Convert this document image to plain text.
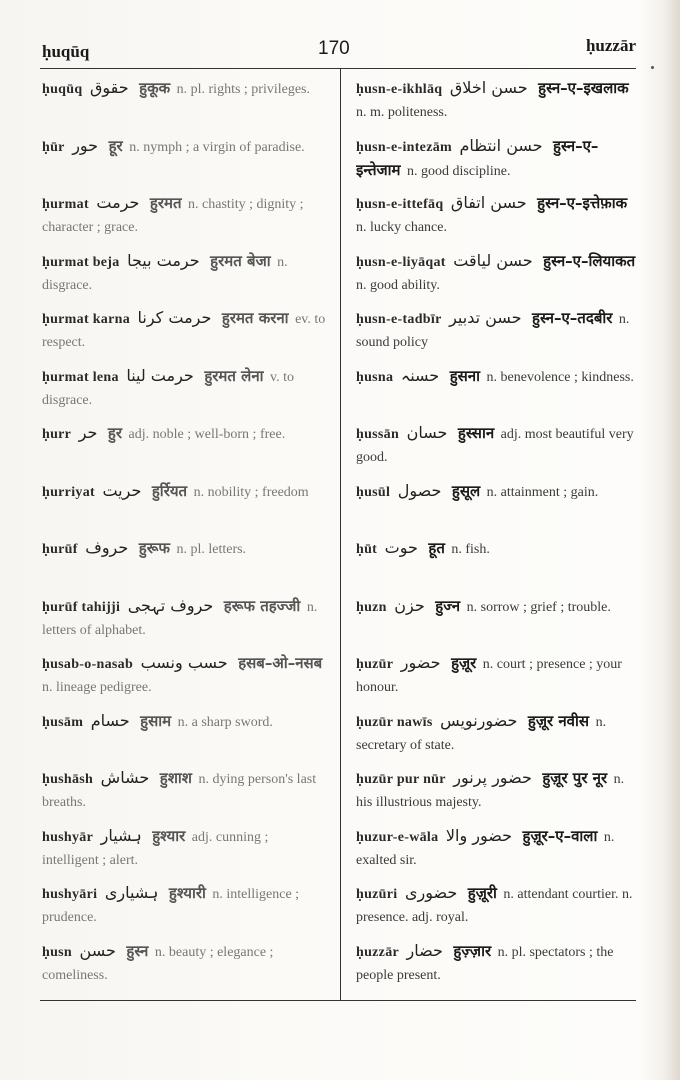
ḥuqūq	170	ḥuzzār
ḥuqūq حقوق हुकूक n. pl. rights ; privileges.
ḥūr حور हूर n. nymph ; a virgin of paradise.
ḥurmat حرمت हुरमत n. chastity ; dignity ; character ; grace.
ḥurmat beja حرمت بیجا हुरमत बेजा n. disgrace.
ḥurmat karna حرمت کرنا हुरमत करना ev. to respect.
ḥurmat lena حرمت لینا हुरमत लेना v. to disgrace.
ḥurr حر हुर adj. noble ; well-born ; free.
ḥurriyat حریت हुर्रियत n. nobility ; freedom
ḥurūf حروف हुरूफ n. pl. letters.
ḥurūf tahijji حروف تہجی हरूफ तहज्जी n. letters of alphabet.
ḥusab-o-nasab حسب ونسب हसब–ओ–नसब n. lineage pedigree.
ḥusām حسام हुसाम n. a sharp sword.
ḥushāsh حشاش हुशाश n. dying person's last breaths.
hushyār ہشیار हुश्यार adj. cunning ; intelligent ; alert.
hushyāri ہشیاری हुश्यारी n. intelligence ; prudence.
ḥusn حسن हुस्न n. beauty ; elegance ; comeliness.
ḥusn-e-ikhlāq حسن اخلاق हुस्न–ए–इखलाक n. m. politeness.
ḥusn-e-intezām حسن انتظام हुस्न–ए–इन्तेजाम n. good discipline.
ḥusn-e-ittefāq حسن اتفاق हुस्न–ए–इत्तेफ़ाक n. lucky chance.
ḥusn-e-liyāqat حسن لیاقت हुस्न–ए–लियाकत n. good ability.
ḥusn-e-tadbīr حسن تدبیر हुस्न–ए–तदबीर n. sound policy
ḥusna حسنہ हुसना n. benevolence ; kindness.
ḥussān حسان हुस्सान adj. most beautiful very good.
ḥusūl حصول हुसूल n. attainment ; gain.
ḥūt حوت हूत n. fish.
ḥuzn حزن हुज्न n. sorrow ; grief ; trouble.
ḥuzūr حضور हुज़ूर n. court ; presence ; your honour.
ḥuzūr nawīs حضورنویس हुज़ूर नवीस n. secretary of state.
ḥuzūr pur nūr حضور پرنور हुज़ूर पुर नूर n. his illustrious majesty.
ḥuzur-e-wāla حضور والا हुज़ूर–ए–वाला n. exalted sir.
ḥuzūri حضوری हुज़ूरी n. attendant courtier. n. presence. adj. royal.
ḥuzzār حضار हुज़्ज़ार n. pl. spectators ; the people present.
